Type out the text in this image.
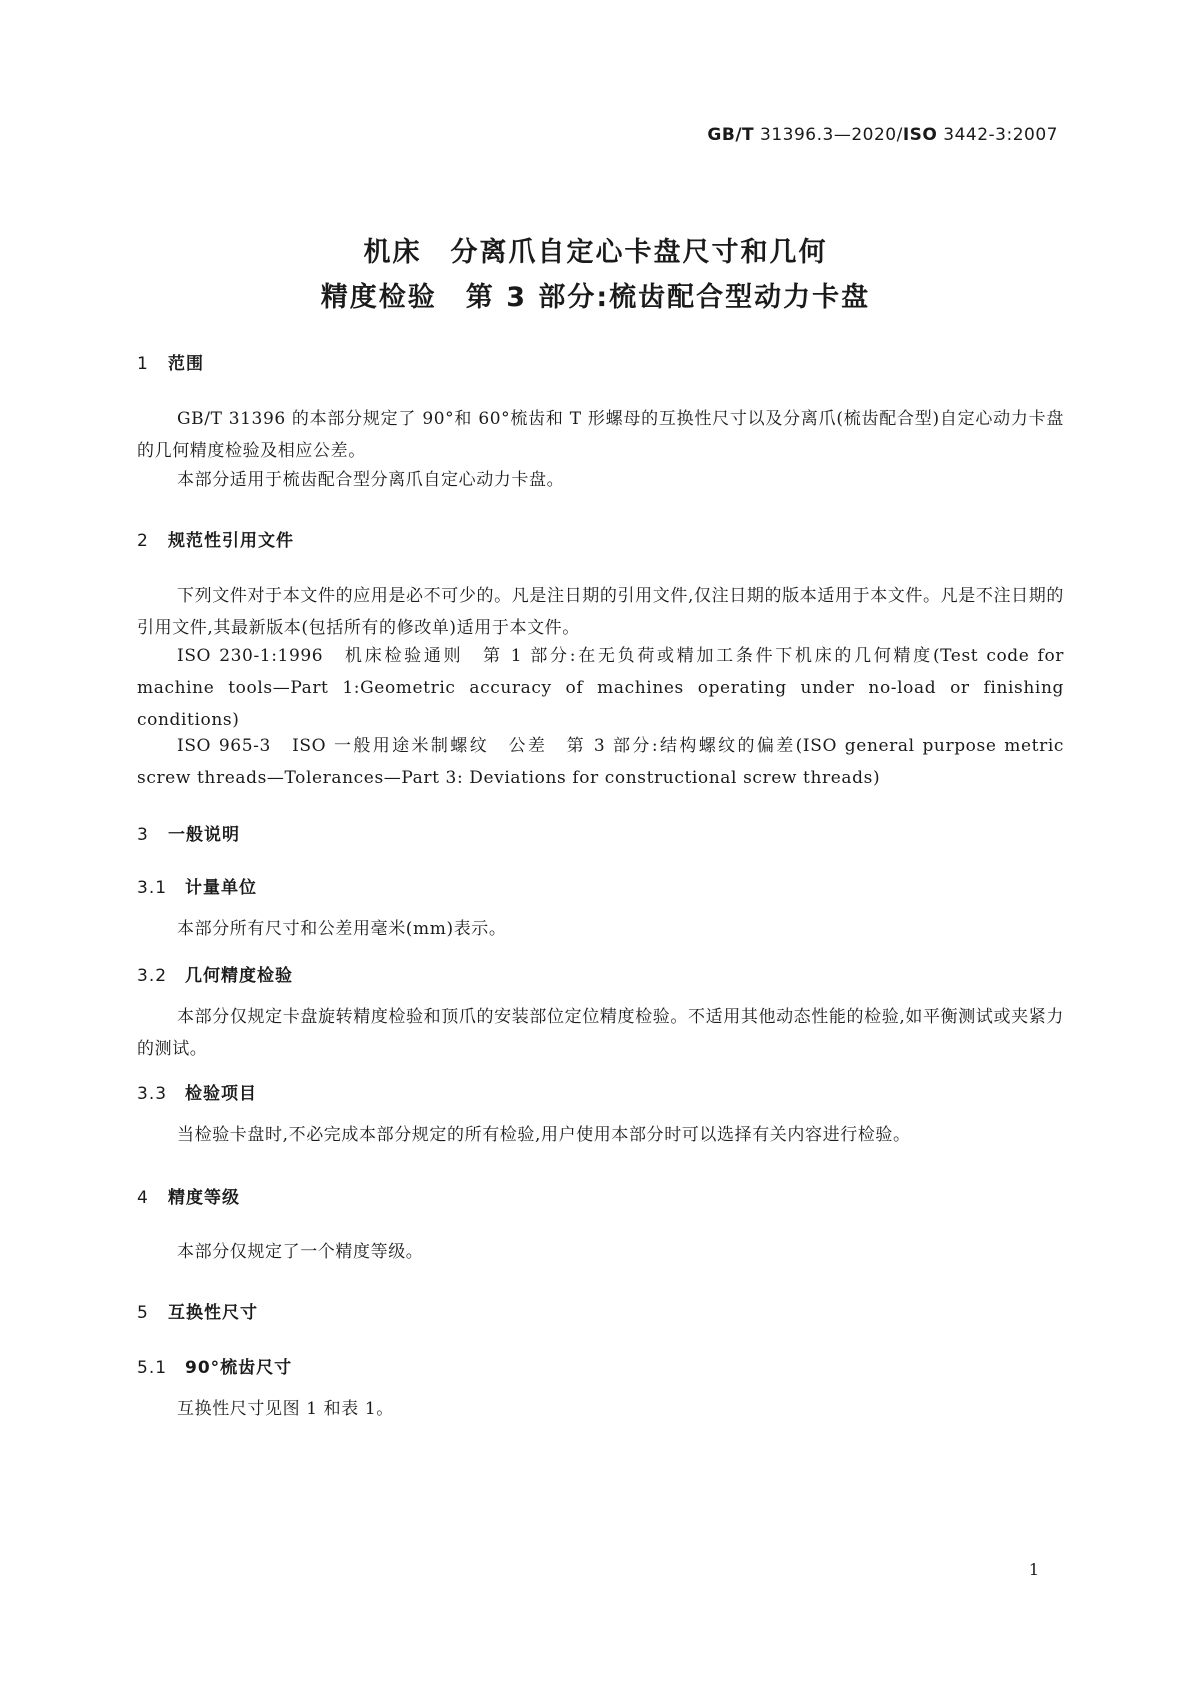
GB/T 31396.3—2020/ISO 3442-3:2007
机床　分离爪自定心卡盘尺寸和几何
精度检验　第 3 部分:梳齿配合型动力卡盘
1 范围

GB/T 31396 的本部分规定了 90°和 60°梳齿和 T 形螺母的互换性尺寸以及分离爪(梳齿配合型)自定心动力卡盘的几何精度检验及相应公差。

本部分适用于梳齿配合型分离爪自定心动力卡盘。

2 规范性引用文件

下列文件对于本文件的应用是必不可少的。凡是注日期的引用文件,仅注日期的版本适用于本文件。凡是不注日期的引用文件,其最新版本(包括所有的修改单)适用于本文件。

ISO 230-1:1996　机床检验通则　第 1 部分:在无负荷或精加工条件下机床的几何精度(Test code for machine tools—Part 1:Geometric accuracy of machines operating under no-load or finishing conditions)

ISO 965-3　ISO 一般用途米制螺纹　公差　第 3 部分:结构螺纹的偏差(ISO general purpose metric screw threads—Tolerances—Part 3: Deviations for constructional screw threads)

3 一般说明
3.1 计量单位

本部分所有尺寸和公差用毫米(mm)表示。

3.2 几何精度检验

本部分仅规定卡盘旋转精度检验和顶爪的安装部位定位精度检验。不适用其他动态性能的检验,如平衡测试或夹紧力的测试。

3.3 检验项目

当检验卡盘时,不必完成本部分规定的所有检验,用户使用本部分时可以选择有关内容进行检验。

4 精度等级

本部分仅规定了一个精度等级。

5 互换性尺寸
5.1 90°梳齿尺寸

互换性尺寸见图 1 和表 1。

1
